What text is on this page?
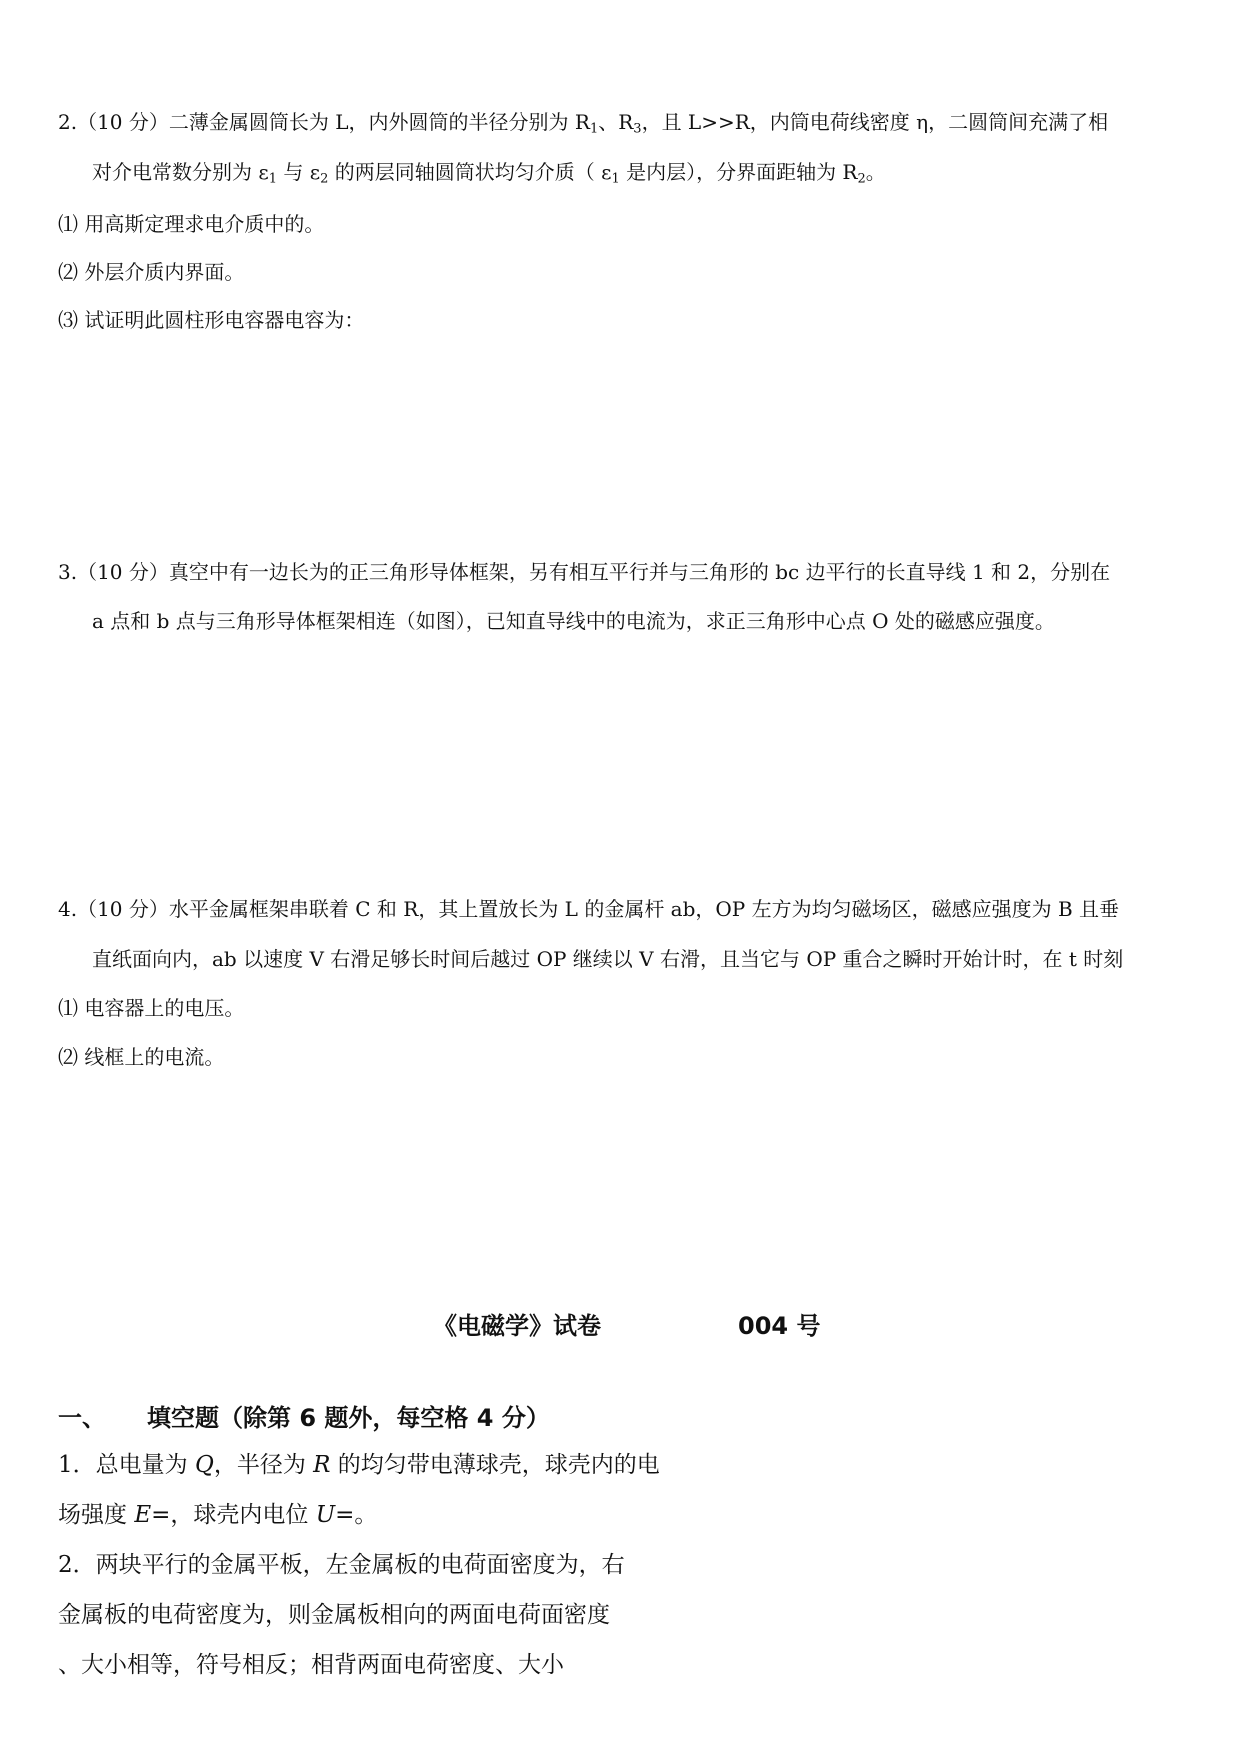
2.（10 分）二薄金属圆筒长为 L，内外圆筒的半径分别为 $R_1$、$R_3$，且 L>>R，内筒电荷线密度 η，二圆筒间充满了相
对介电常数分别为 $\varepsilon_1$ 与 $\varepsilon_2$ 的两层同轴圆筒状均匀介质（ $\varepsilon_1$ 是内层），分界面距轴为 $R_2$。
⑴ 用高斯定理求电介质中的。
⑵ 外层介质内界面。
⑶ 试证明此圆柱形电容器电容为：
3.（10 分）真空中有一边长为的正三角形导体框架，另有相互平行并与三角形的 bc 边平行的长直导线 1 和 2，分别在
a 点和 b 点与三角形导体框架相连（如图），已知直导线中的电流为，求正三角形中心点 O 处的磁感应强度。
4.（10 分）水平金属框架串联着 C 和 R，其上置放长为 L 的金属杆 ab，OP 左方为均匀磁场区，磁感应强度为 B 且垂
直纸面向内，ab 以速度 V 右滑足够长时间后越过 OP 继续以 V 右滑，且当它与 OP 重合之瞬时开始计时，在 t 时刻
⑴ 电容器上的电压。
⑵ 线框上的电流。
《电磁学》试卷	004 号
一、 填空题（除第 6 题外，每空格 4 分）
1．总电量为 Q，半径为 R 的均匀带电薄球壳，球壳内的电
场强度 E=，球壳内电位 U=。
2．两块平行的金属平板，左金属板的电荷面密度为，右
金属板的电荷密度为，则金属板相向的两面电荷面密度
、大小相等，符号相反；相背两面电荷密度、大小
